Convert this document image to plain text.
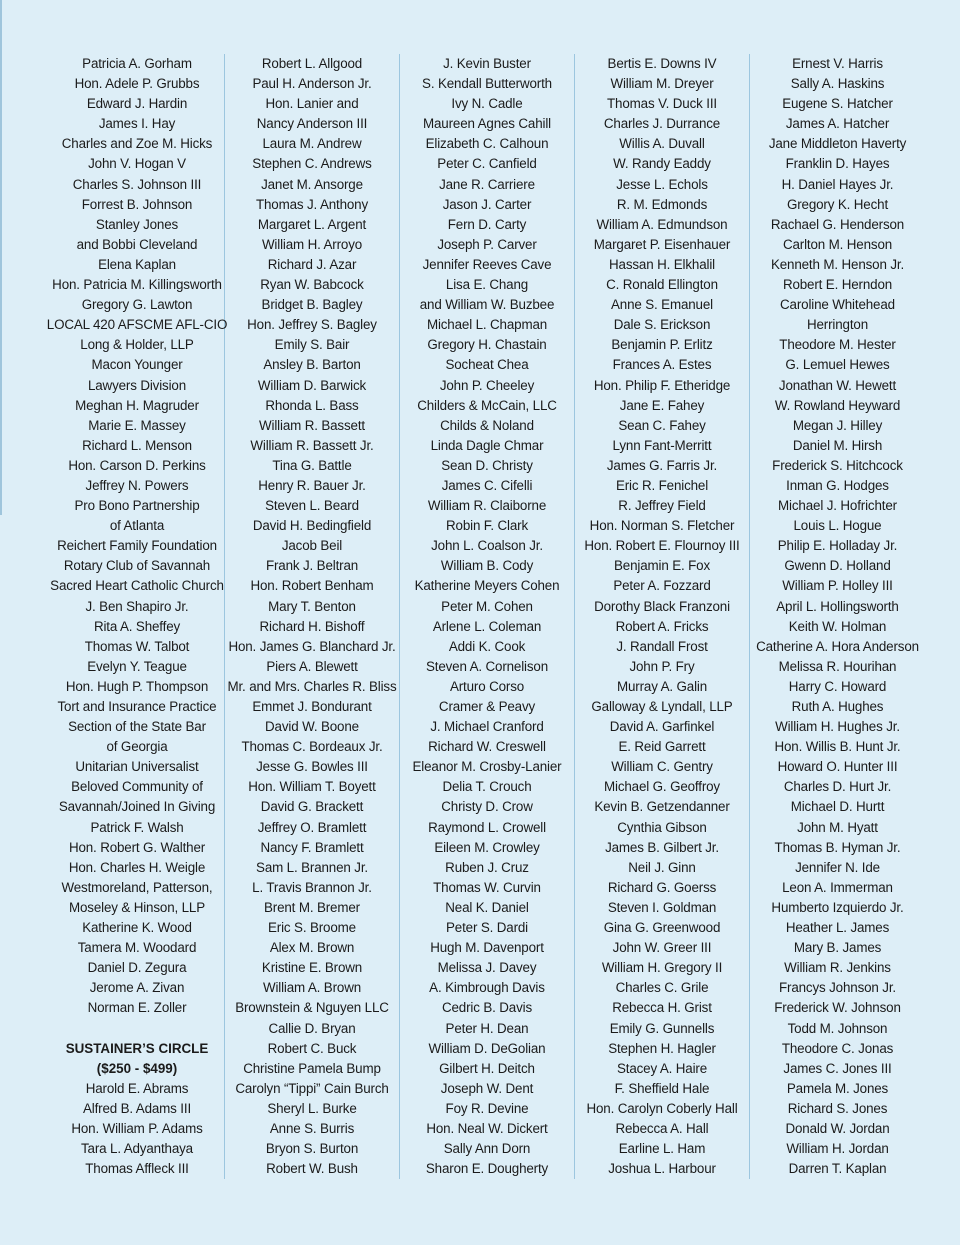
Patricia A. Gorham
Hon. Adele P. Grubbs
Edward J. Hardin
James I. Hay
Charles and Zoe M. Hicks
John V. Hogan V
Charles S. Johnson III
Forrest B. Johnson
Stanley Jones
and Bobbi Cleveland
Elena Kaplan
Hon. Patricia M. Killingsworth
Gregory G. Lawton
LOCAL 420 AFSCME AFL-CIO
Long & Holder, LLP
Macon Younger
Lawyers Division
Meghan H. Magruder
Marie E. Massey
Richard L. Menson
Hon. Carson D. Perkins
Jeffrey N. Powers
Pro Bono Partnership
of Atlanta
Reichert Family Foundation
Rotary Club of Savannah
Sacred Heart Catholic Church
J. Ben Shapiro Jr.
Rita A. Sheffey
Thomas W. Talbot
Evelyn Y. Teague
Hon. Hugh P. Thompson
Tort and Insurance Practice
Section of the State Bar
of Georgia
Unitarian Universalist
Beloved Community of
Savannah/Joined In Giving
Patrick F. Walsh
Hon. Robert G. Walther
Hon. Charles H. Weigle
Westmoreland, Patterson,
Moseley & Hinson, LLP
Katherine K. Wood
Tamera M. Woodard
Daniel D. Zegura
Jerome A. Zivan
Norman E. Zoller
SUSTAINER’S CIRCLE
($250 - $499)
Harold E. Abrams
Alfred B. Adams III
Hon. William P. Adams
Tara L. Adyanthaya
Thomas Affleck III
Robert L. Allgood
Paul H. Anderson Jr.
Hon. Lanier and
Nancy Anderson III
Laura M. Andrew
Stephen C. Andrews
Janet M. Ansorge
Thomas J. Anthony
Margaret L. Argent
William H. Arroyo
Richard J. Azar
Ryan W. Babcock
Bridget B. Bagley
Hon. Jeffrey S. Bagley
Emily S. Bair
Ansley B. Barton
William D. Barwick
Rhonda L. Bass
William R. Bassett
William R. Bassett Jr.
Tina G. Battle
Henry R. Bauer Jr.
Steven L. Beard
David H. Bedingfield
Jacob Beil
Frank J. Beltran
Hon. Robert Benham
Mary T. Benton
Richard H. Bishoff
Hon. James G. Blanchard Jr.
Piers A. Blewett
Mr. and Mrs. Charles R. Bliss
Emmet J. Bondurant
David W. Boone
Thomas C. Bordeaux Jr.
Jesse G. Bowles III
Hon. William T. Boyett
David G. Brackett
Jeffrey O. Bramlett
Nancy F. Bramlett
Sam L. Brannen Jr.
L. Travis Brannon Jr.
Brent M. Bremer
Eric S. Broome
Alex M. Brown
Kristine E. Brown
William A. Brown
Brownstein & Nguyen LLC
Callie D. Bryan
Robert C. Buck
Christine Pamela Bump
Carolyn “Tippi” Cain Burch
Sheryl L. Burke
Anne S. Burris
Bryon S. Burton
Robert W. Bush
J. Kevin Buster
S. Kendall Butterworth
Ivy N. Cadle
Maureen Agnes Cahill
Elizabeth C. Calhoun
Peter C. Canfield
Jane R. Carriere
Jason J. Carter
Fern D. Carty
Joseph P. Carver
Jennifer Reeves Cave
Lisa E. Chang
and William W. Buzbee
Michael L. Chapman
Gregory H. Chastain
Socheat Chea
John P. Cheeley
Childers & McCain, LLC
Childs & Noland
Linda Dagle Chmar
Sean D. Christy
James C. Cifelli
William R. Claiborne
Robin F. Clark
John L. Coalson Jr.
William B. Cody
Katherine Meyers Cohen
Peter M. Cohen
Arlene L. Coleman
Addi K. Cook
Steven A. Cornelison
Arturo Corso
Cramer & Peavy
J. Michael Cranford
Richard W. Creswell
Eleanor M. Crosby-Lanier
Delia T. Crouch
Christy D. Crow
Raymond L. Crowell
Eileen M. Crowley
Ruben J. Cruz
Thomas W. Curvin
Neal K. Daniel
Peter S. Dardi
Hugh M. Davenport
Melissa J. Davey
A. Kimbrough Davis
Cedric B. Davis
Peter H. Dean
William D. DeGolian
Gilbert H. Deitch
Joseph W. Dent
Foy R. Devine
Hon. Neal W. Dickert
Sally Ann Dorn
Sharon E. Dougherty
Bertis E. Downs IV
William M. Dreyer
Thomas V. Duck III
Charles J. Durrance
Willis A. Duvall
W. Randy Eaddy
Jesse L. Echols
R. M. Edmonds
William A. Edmundson
Margaret P. Eisenhauer
Hassan H. Elkhalil
C. Ronald Ellington
Anne S. Emanuel
Dale S. Erickson
Benjamin P. Erlitz
Frances A. Estes
Hon. Philip F. Etheridge
Jane E. Fahey
Sean C. Fahey
Lynn Fant-Merritt
James G. Farris Jr.
Eric R. Fenichel
R. Jeffrey Field
Hon. Norman S. Fletcher
Hon. Robert E. Flournoy III
Benjamin E. Fox
Peter A. Fozzard
Dorothy Black Franzoni
Robert A. Fricks
J. Randall Frost
John P. Fry
Murray A. Galin
Galloway & Lyndall, LLP
David A. Garfinkel
E. Reid Garrett
William C. Gentry
Michael G. Geoffroy
Kevin B. Getzendanner
Cynthia Gibson
James B. Gilbert Jr.
Neil J. Ginn
Richard G. Goerss
Steven I. Goldman
Gina G. Greenwood
John W. Greer III
William H. Gregory II
Charles C. Grile
Rebecca H. Grist
Emily G. Gunnells
Stephen H. Hagler
Stacey A. Haire
F. Sheffield Hale
Hon. Carolyn Coberly Hall
Rebecca A. Hall
Earline L. Ham
Joshua L. Harbour
Ernest V. Harris
Sally A. Haskins
Eugene S. Hatcher
James A. Hatcher
Jane Middleton Haverty
Franklin D. Hayes
H. Daniel Hayes Jr.
Gregory K. Hecht
Rachael G. Henderson
Carlton M. Henson
Kenneth M. Henson Jr.
Robert E. Herndon
Caroline Whitehead
Herrington
Theodore M. Hester
G. Lemuel Hewes
Jonathan W. Hewett
W. Rowland Heyward
Megan J. Hilley
Daniel M. Hirsh
Frederick S. Hitchcock
Inman G. Hodges
Michael J. Hofrichter
Louis L. Hogue
Philip E. Holladay Jr.
Gwenn D. Holland
William P. Holley III
April L. Hollingsworth
Keith W. Holman
Catherine A. Hora Anderson
Melissa R. Hourihan
Harry C. Howard
Ruth A. Hughes
William H. Hughes Jr.
Hon. Willis B. Hunt Jr.
Howard O. Hunter III
Charles D. Hurt Jr.
Michael D. Hurtt
John M. Hyatt
Thomas B. Hyman Jr.
Jennifer N. Ide
Leon A. Immerman
Humberto Izquierdo Jr.
Heather L. James
Mary B. James
William R. Jenkins
Francys Johnson Jr.
Frederick W. Johnson
Todd M. Johnson
Theodore C. Jonas
James C. Jones III
Pamela M. Jones
Richard S. Jones
Donald W. Jordan
William H. Jordan
Darren T. Kaplan
